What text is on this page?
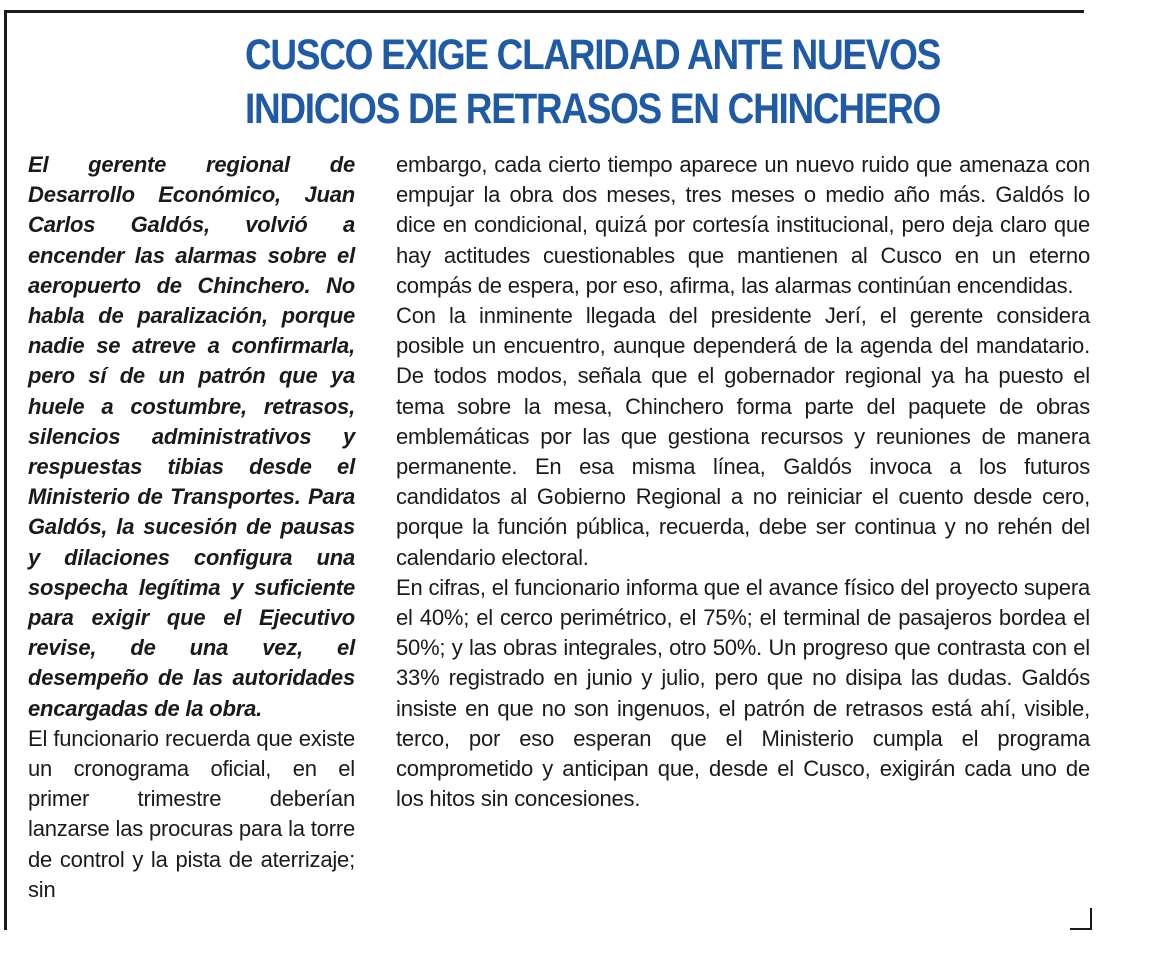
CUSCO EXIGE CLARIDAD ANTE NUEVOS
INDICIOS DE RETRASOS EN CHINCHERO

El gerente regional de Desarrollo Económico, Juan Carlos Galdós, volvió a encender las alarmas sobre el aeropuerto de Chinchero. No habla de paralización, porque nadie se atreve a confirmarla, pero sí de un patrón que ya huele a costumbre, retrasos, silencios administrativos y respuestas tibias desde el Ministerio de Transportes. Para Galdós, la sucesión de pausas y dilaciones configura una sospecha legítima y suficiente para exigir que el Ejecutivo revise, de una vez, el desempeño de las autoridades encargadas de la obra.

El funcionario recuerda que existe un cronograma oficial, en el primer trimestre deberían lanzarse las procuras para la torre de control y la pista de aterrizaje; sin

embargo, cada cierto tiempo aparece un nuevo ruido que amenaza con empujar la obra dos meses, tres meses o medio año más. Galdós lo dice en condicional, quizá por cortesía institucional, pero deja claro que hay actitudes cuestionables que mantienen al Cusco en un eterno compás de espera, por eso, afirma, las alarmas continúan encendidas.

Con la inminente llegada del presidente Jerí, el gerente considera posible un encuentro, aunque dependerá de la agenda del mandatario. De todos modos, señala que el gobernador regional ya ha puesto el tema sobre la mesa, Chinchero forma parte del paquete de obras emblemáticas por las que gestiona recursos y reuniones de manera permanente. En esa misma línea, Galdós invoca a los futuros candidatos al Gobierno Regional a no reiniciar el cuento desde cero, porque la función pública, recuerda, debe ser continua y no rehén del calendario electoral.

En cifras, el funcionario informa que el avance físico del proyecto supera el 40%; el cerco perimétrico, el 75%; el terminal de pasajeros bordea el 50%; y las obras integrales, otro 50%. Un progreso que contrasta con el 33% registrado en junio y julio, pero que no disipa las dudas. Galdós insiste en que no son ingenuos, el patrón de retrasos está ahí, visible, terco, por eso esperan que el Ministerio cumpla el programa comprometido y anticipan que, desde el Cusco, exigirán cada uno de los hitos sin concesiones.
